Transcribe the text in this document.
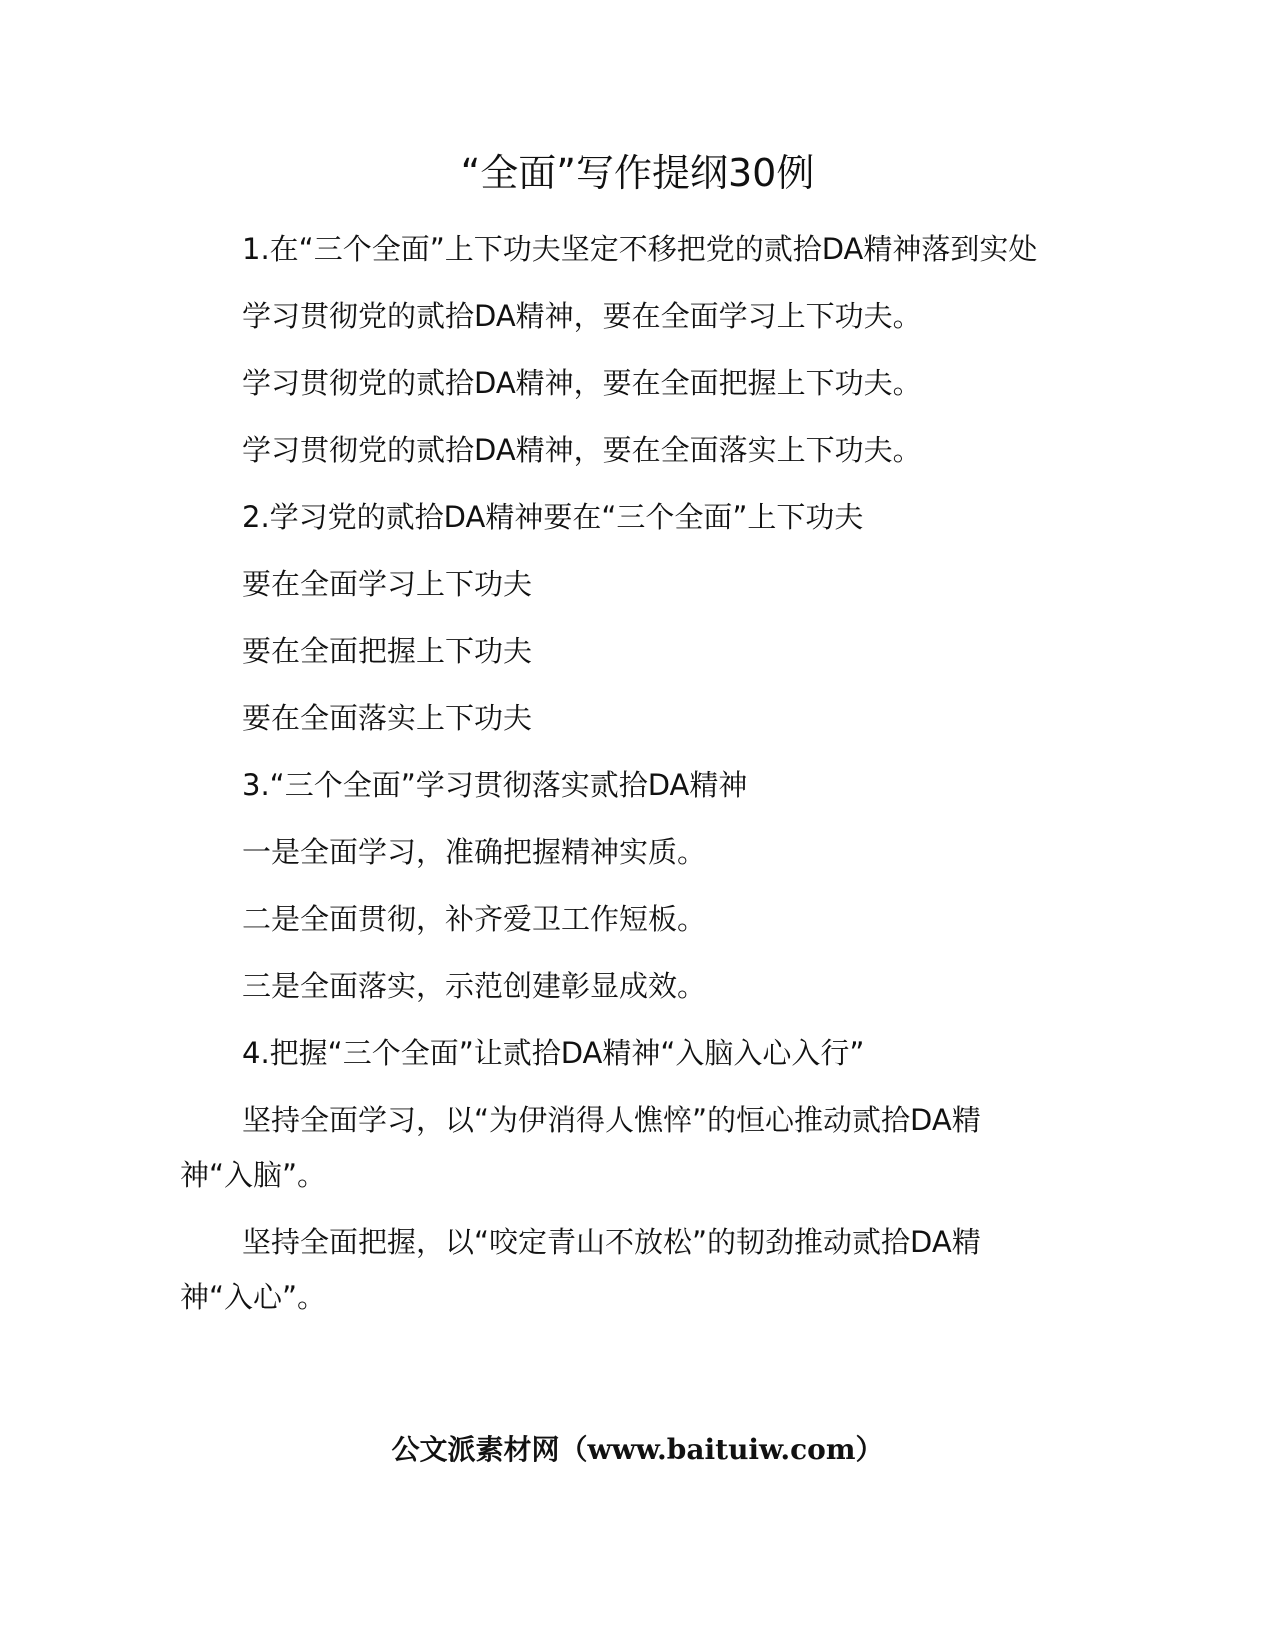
“全面”写作提纲30例

1.在“三个全面”上下功夫坚定不移把党的贰拾DA精神落到实处

学习贯彻党的贰拾DA精神，要在全面学习上下功夫。

学习贯彻党的贰拾DA精神，要在全面把握上下功夫。

学习贯彻党的贰拾DA精神，要在全面落实上下功夫。

2.学习党的贰拾DA精神要在“三个全面”上下功夫

要在全面学习上下功夫

要在全面把握上下功夫

要在全面落实上下功夫

3.“三个全面”学习贯彻落实贰拾DA精神

一是全面学习，准确把握精神实质。

二是全面贯彻，补齐爱卫工作短板。

三是全面落实，示范创建彰显成效。

4.把握“三个全面”让贰拾DA精神“入脑入心入行”

坚持全面学习，以“为伊消得人憔悴”的恒心推动贰拾DA精神“入脑”。

坚持全面把握，以“咬定青山不放松”的韧劲推动贰拾DA精神“入心”。

公文派素材网（www.baituiw.com）
